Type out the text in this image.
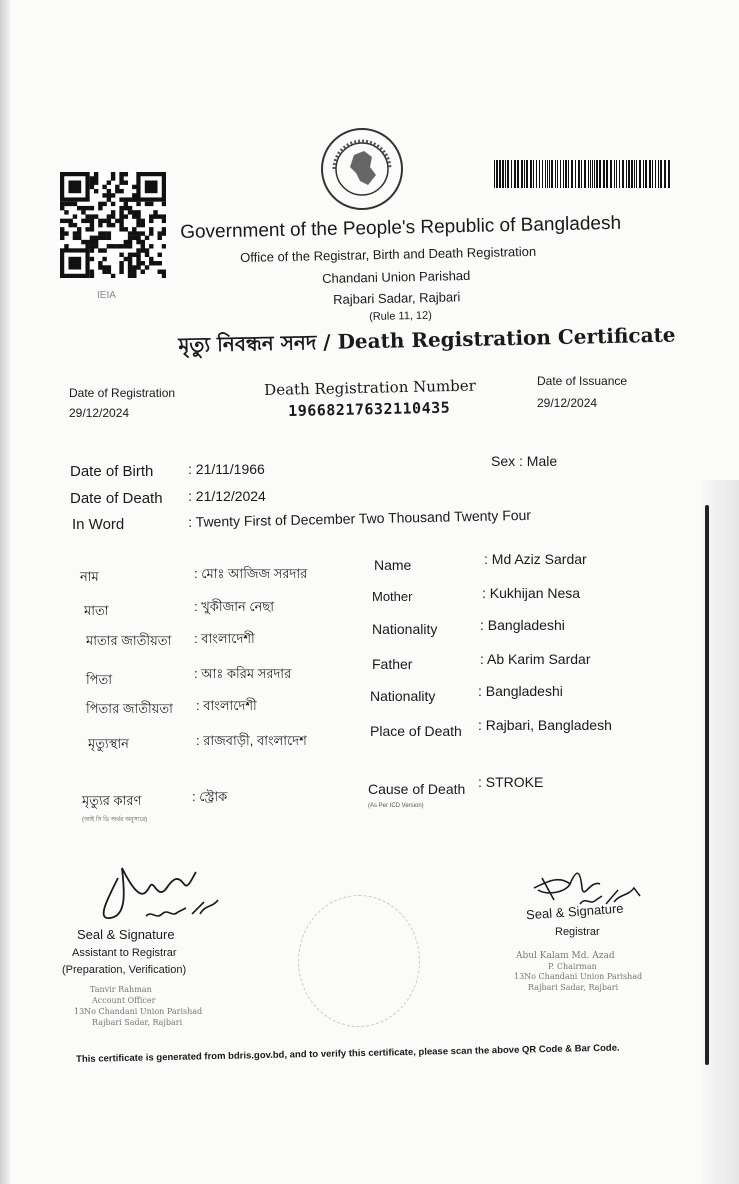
IEIA
Government of the People's Republic of Bangladesh
Office of the Registrar, Birth and Death Registration
Chandani Union Parishad
Rajbari Sadar, Rajbari
(Rule 11, 12)
মৃত্যু নিবন্ধন সনদ / Death Registration Certificate
Date of Registration
29/12/2024
Death Registration Number
19668217632110435
Date of Issuance
29/12/2024
Date of Birth : 21/11/1966
Date of Death : 21/12/2024
In Word	: Twenty First of December Two Thousand Twenty Four
Sex : Male
নাম	: মোঃ আজিজ সরদার
মাতা	: খুকীজান নেছা
মাতার জাতীয়তা : বাংলাদেশী
পিতা	: আঃ করিম সরদার
পিতার জাতীয়তা : বাংলাদেশী
মৃত্যুস্থান	: রাজবাড়ী, বাংলাদেশ
মৃত্যুর কারণ	: স্ট্রোক
(আই সি ডি অর্থর অনুসারে)
Name	: Md Aziz Sardar
Mother	: Kukhijan Nesa
Nationality	: Bangladeshi
Father	: Ab Karim Sardar
Nationality	: Bangladeshi
Place of Death : Rajbari, Bangladesh
Cause of Death : STROKE
(As Per ICD Version)
Seal & Signature
Assistant to Registrar
(Preparation, Verification)
Tanvir Rahman
Account Officer
13No Chandani Union Parishad
Rajbari Sadar, Rajbari
Seal & Signature
Registrar
Abul Kalam Md. Azad
P. Chairman
13No Chandani Union Parishad
Rajbari Sadar, Rajbari
This certificate is generated from bdris.gov.bd, and to verify this certificate, please scan the above QR Code & Bar Code.
